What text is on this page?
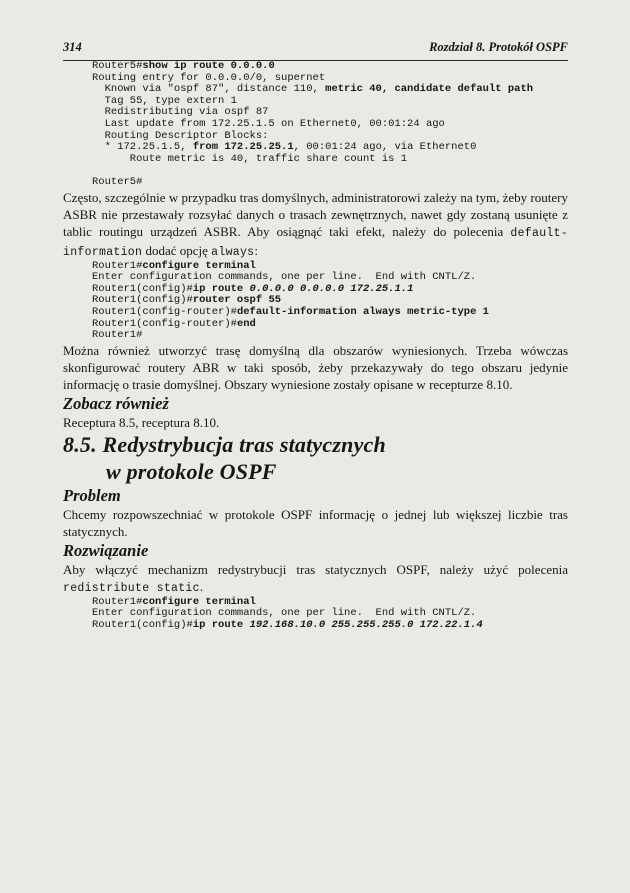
314	Rozdział 8. Protokół OSPF
Router5#show ip route 0.0.0.0
Routing entry for 0.0.0.0/0, supernet
Known via "ospf 87", distance 110, metric 40, candidate default path
Tag 55, type extern 1
Redistributing via ospf 87
Last update from 172.25.1.5 on Ethernet0, 00:01:24 ago
Routing Descriptor Blocks:
* 172.25.1.5, from 172.25.25.1, 00:01:24 ago, via Ethernet0
Route metric is 40, traffic share count is 1

Router5#

Często, szczególnie w przypadku tras domyślnych, administratorowi zależy na tym, żeby routery ASBR nie przestawały rozsyłać danych o trasach zewnętrznych, nawet gdy zostaną usunięte z tablic routingu urządzeń ASBR. Aby osiągnąć taki efekt, należy do polecenia default-information dodać opcję always:

Router1#configure terminal
Enter configuration commands, one per line.  End with CNTL/Z.
Router1(config)#ip route 0.0.0.0 0.0.0.0 172.25.1.1
Router1(config)#router ospf 55
Router1(config-router)#default-information always metric-type 1
Router1(config-router)#end
Router1#

Można również utworzyć trasę domyślną dla obszarów wyniesionych. Trzeba wówczas skonfigurować routery ABR w taki sposób, żeby przekazywały do tego obszaru jedynie informację o trasie domyślnej. Obszary wyniesione zostały opisane w recepturze 8.10.

Zobacz również

Receptura 8.5, receptura 8.10.

8.5. Redystrybucja tras statycznych
w protokole OSPF
Problem

Chcemy rozpowszechniać w protokole OSPF informację o jednej lub większej liczbie tras statycznych.

Rozwiązanie

Aby włączyć mechanizm redystrybucji tras statycznych OSPF, należy użyć polecenia redistribute static.

Router1#configure terminal
Enter configuration commands, one per line.  End with CNTL/Z.
Router1(config)#ip route 192.168.10.0 255.255.255.0 172.22.1.4
